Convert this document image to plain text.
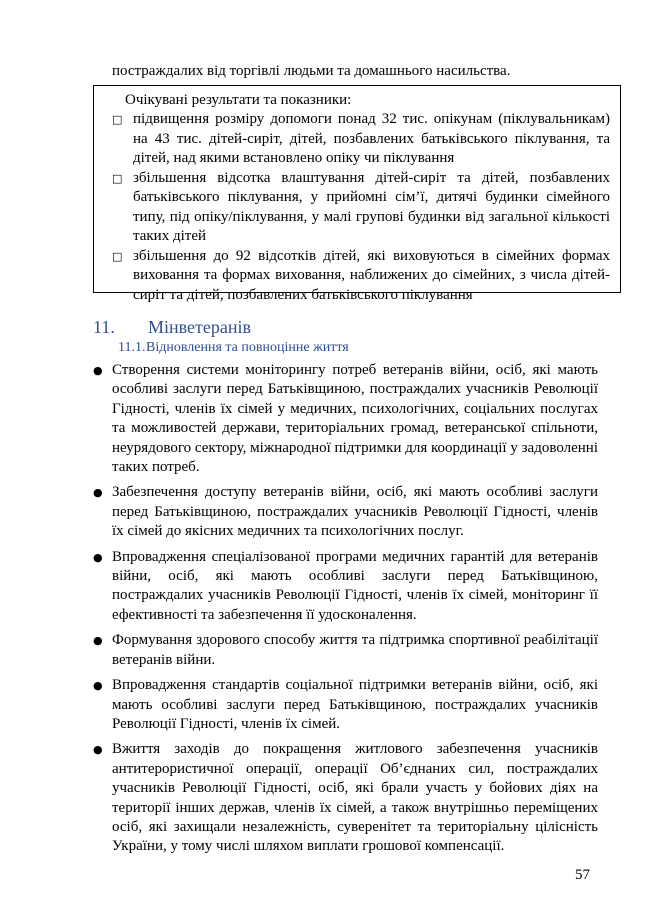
постраждалих від торгівлі людьми та домашнього насильства.
Очікувані результати та показники:
□ підвищення розміру допомоги понад 32 тис. опікунам (піклувальникам) на 43 тис. дітей-сиріт, дітей, позбавлених батьківського піклування, та дітей, над якими встановлено опіку чи піклування
□ збільшення відсотка влаштування дітей-сиріт та дітей, позбавлених батьківського піклування, у прийомні сім’ї, дитячі будинки сімейного типу, під опіку/піклування, у малі групові будинки від загальної кількості таких дітей
□ збільшення до 92 відсотків дітей, які виховуються в сімейних формах виховання та формах виховання, наближених до сімейних, з числа дітей-сиріт та дітей, позбавлених батьківського піклування
11.	Мінветеранів
11.1. Відновлення та повноцінне життя
● Створення системи моніторингу потреб ветеранів війни, осіб, які мають особливі заслуги перед Батьківщиною, постраждалих учасників Революції Гідності, членів їх сімей у медичних, психологічних, соціальних послугах та можливостей держави, територіальних громад, ветеранської спільноти, неурядового сектору, міжнародної підтримки для координації у задоволенні таких потреб.
● Забезпечення доступу ветеранів війни, осіб, які мають особливі заслуги перед Батьківщиною, постраждалих учасників Революції Гідності, членів їх сімей до якісних медичних та психологічних послуг.
● Впровадження спеціалізованої програми медичних гарантій для ветеранів війни, осіб, які мають особливі заслуги перед Батьківщиною, постраждалих учасників Революції Гідності, членів їх сімей, моніторинг її ефективності та забезпечення її удосконалення.
● Формування здорового способу життя та підтримка спортивної реабілітації ветеранів війни.
● Впровадження стандартів соціальної підтримки ветеранів війни, осіб, які мають особливі заслуги перед Батьківщиною, постраждалих учасників Революції Гідності, членів їх сімей.
● Вжиття заходів до покращення житлового забезпечення учасників антитерористичної операції, операції Об’єднаних сил, постраждалих учасників Революції Гідності, осіб, які брали участь у бойових діях на території інших держав, членів їх сімей, а також внутрішньо переміщених осіб, які захищали незалежність, суверенітет та територіальну цілісність України, у тому числі шляхом виплати грошової компенсації.
57
